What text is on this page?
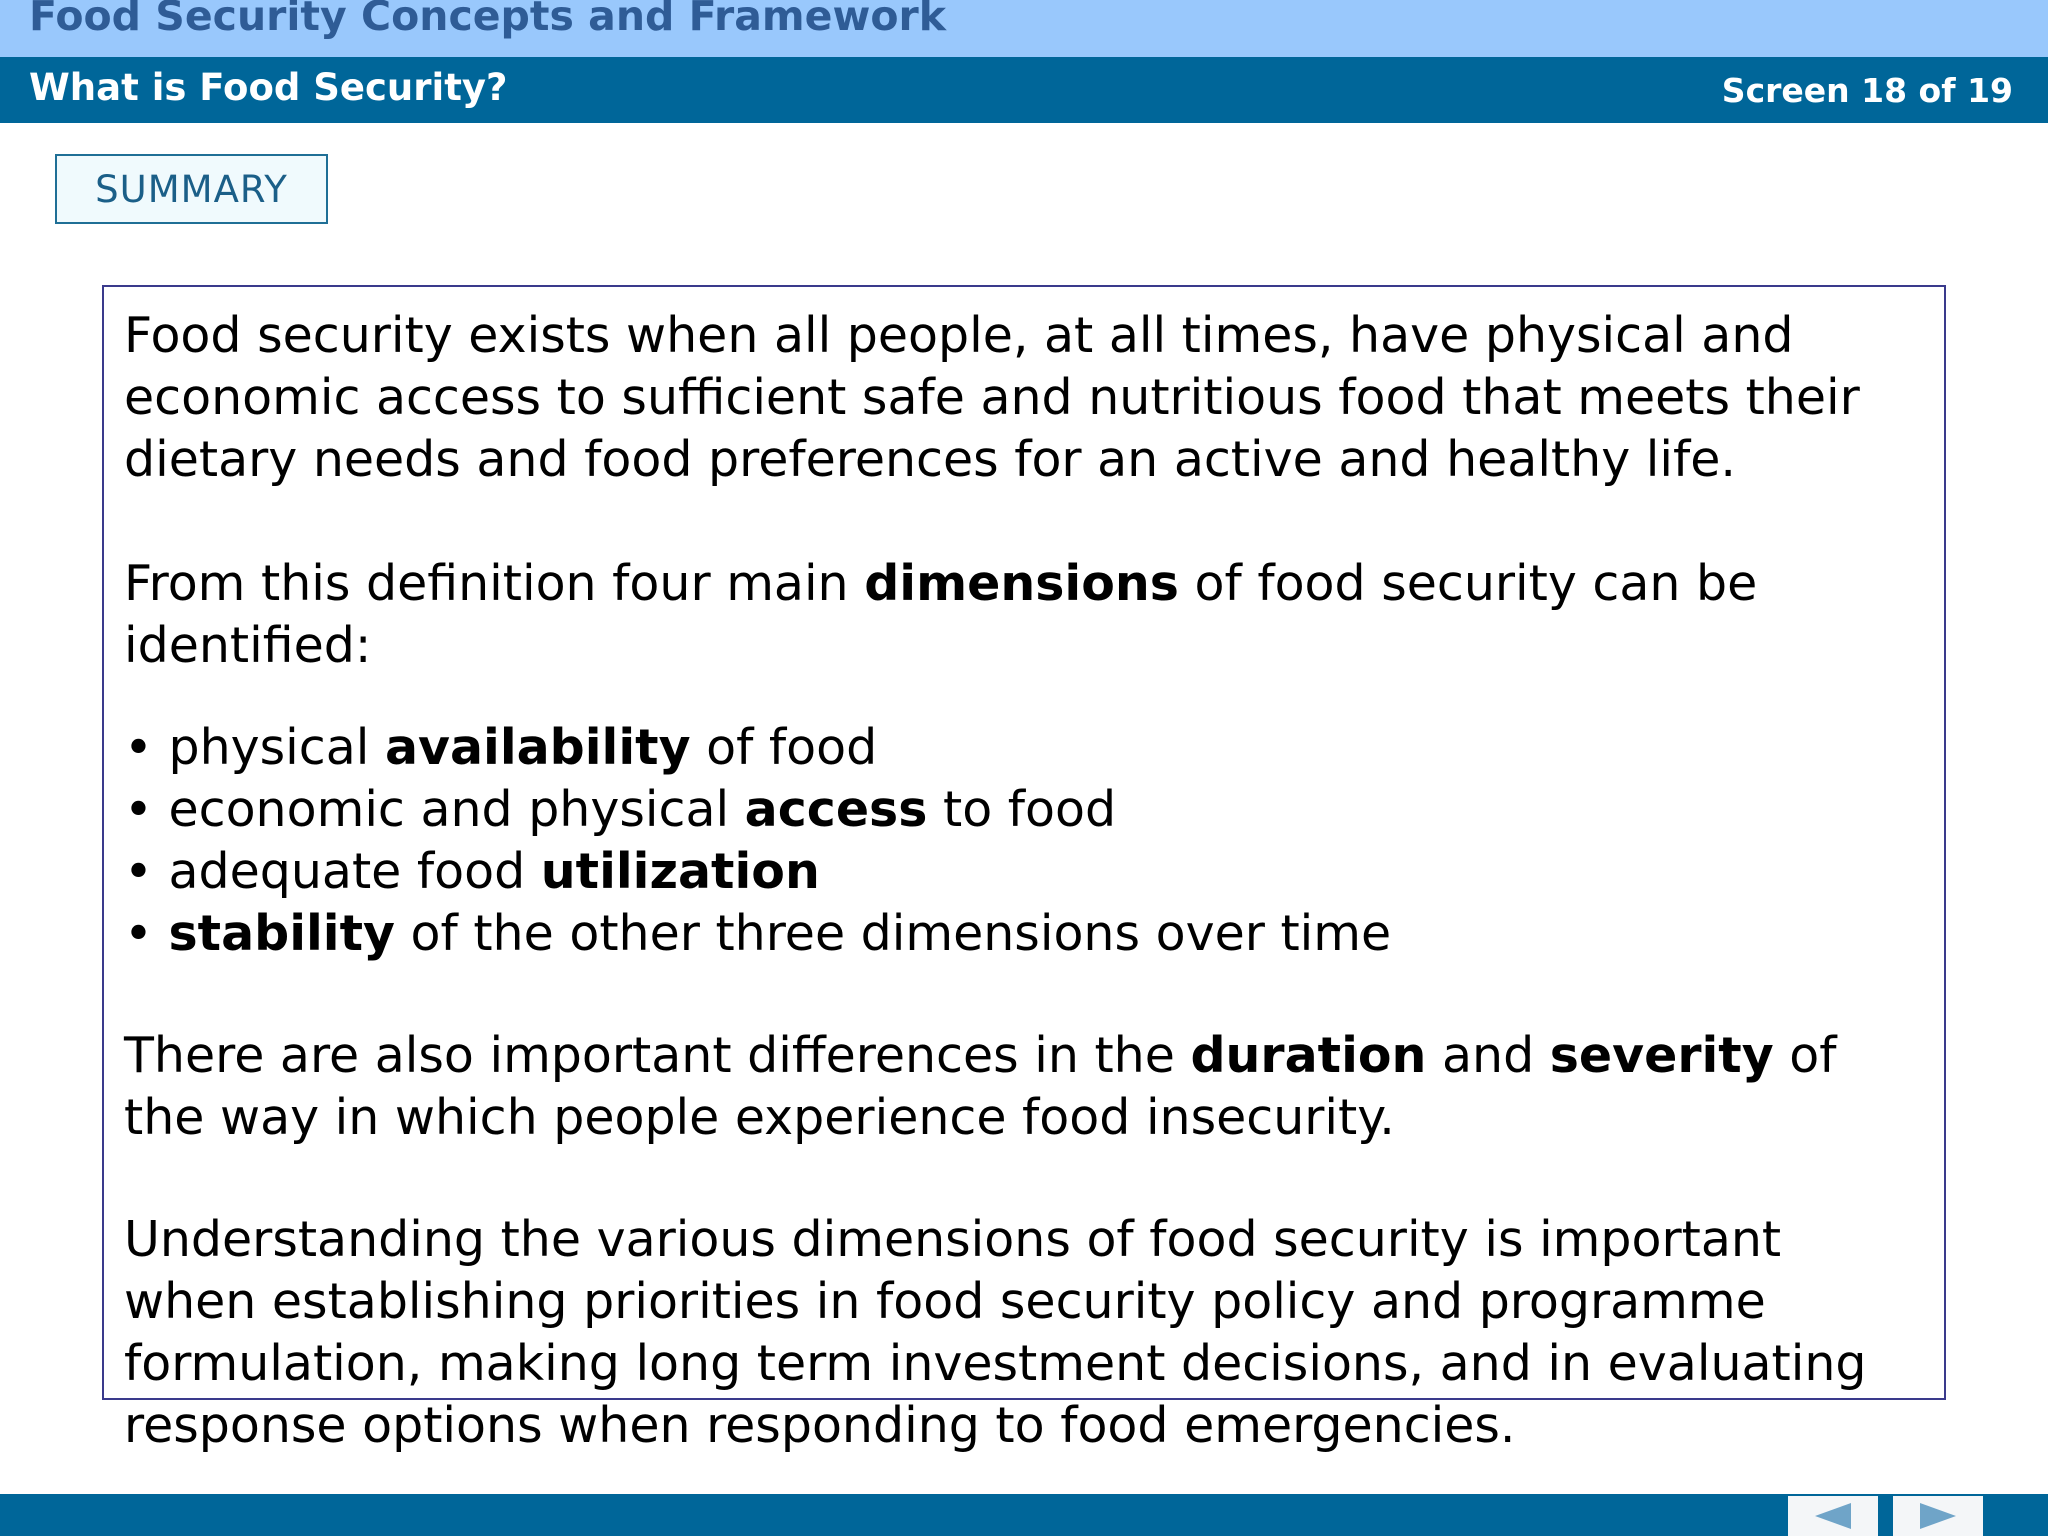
Food Security Concepts and Framework
What is Food Security?	Screen 18 of 19
SUMMARY

Food security exists when all people, at all times, have physical and economic access to sufficient safe and nutritious food that meets their dietary needs and food preferences for an active and healthy life.

From this definition four main dimensions of food security can be identified:

• physical availability of food
• economic and physical access to food
• adequate food utilization
• stability of the other three dimensions over time

There are also important differences in the duration and severity of the way in which people experience food insecurity.

Understanding the various dimensions of food security is important when establishing priorities in food security policy and programme formulation, making long term investment decisions, and in evaluating response options when responding to food emergencies.
